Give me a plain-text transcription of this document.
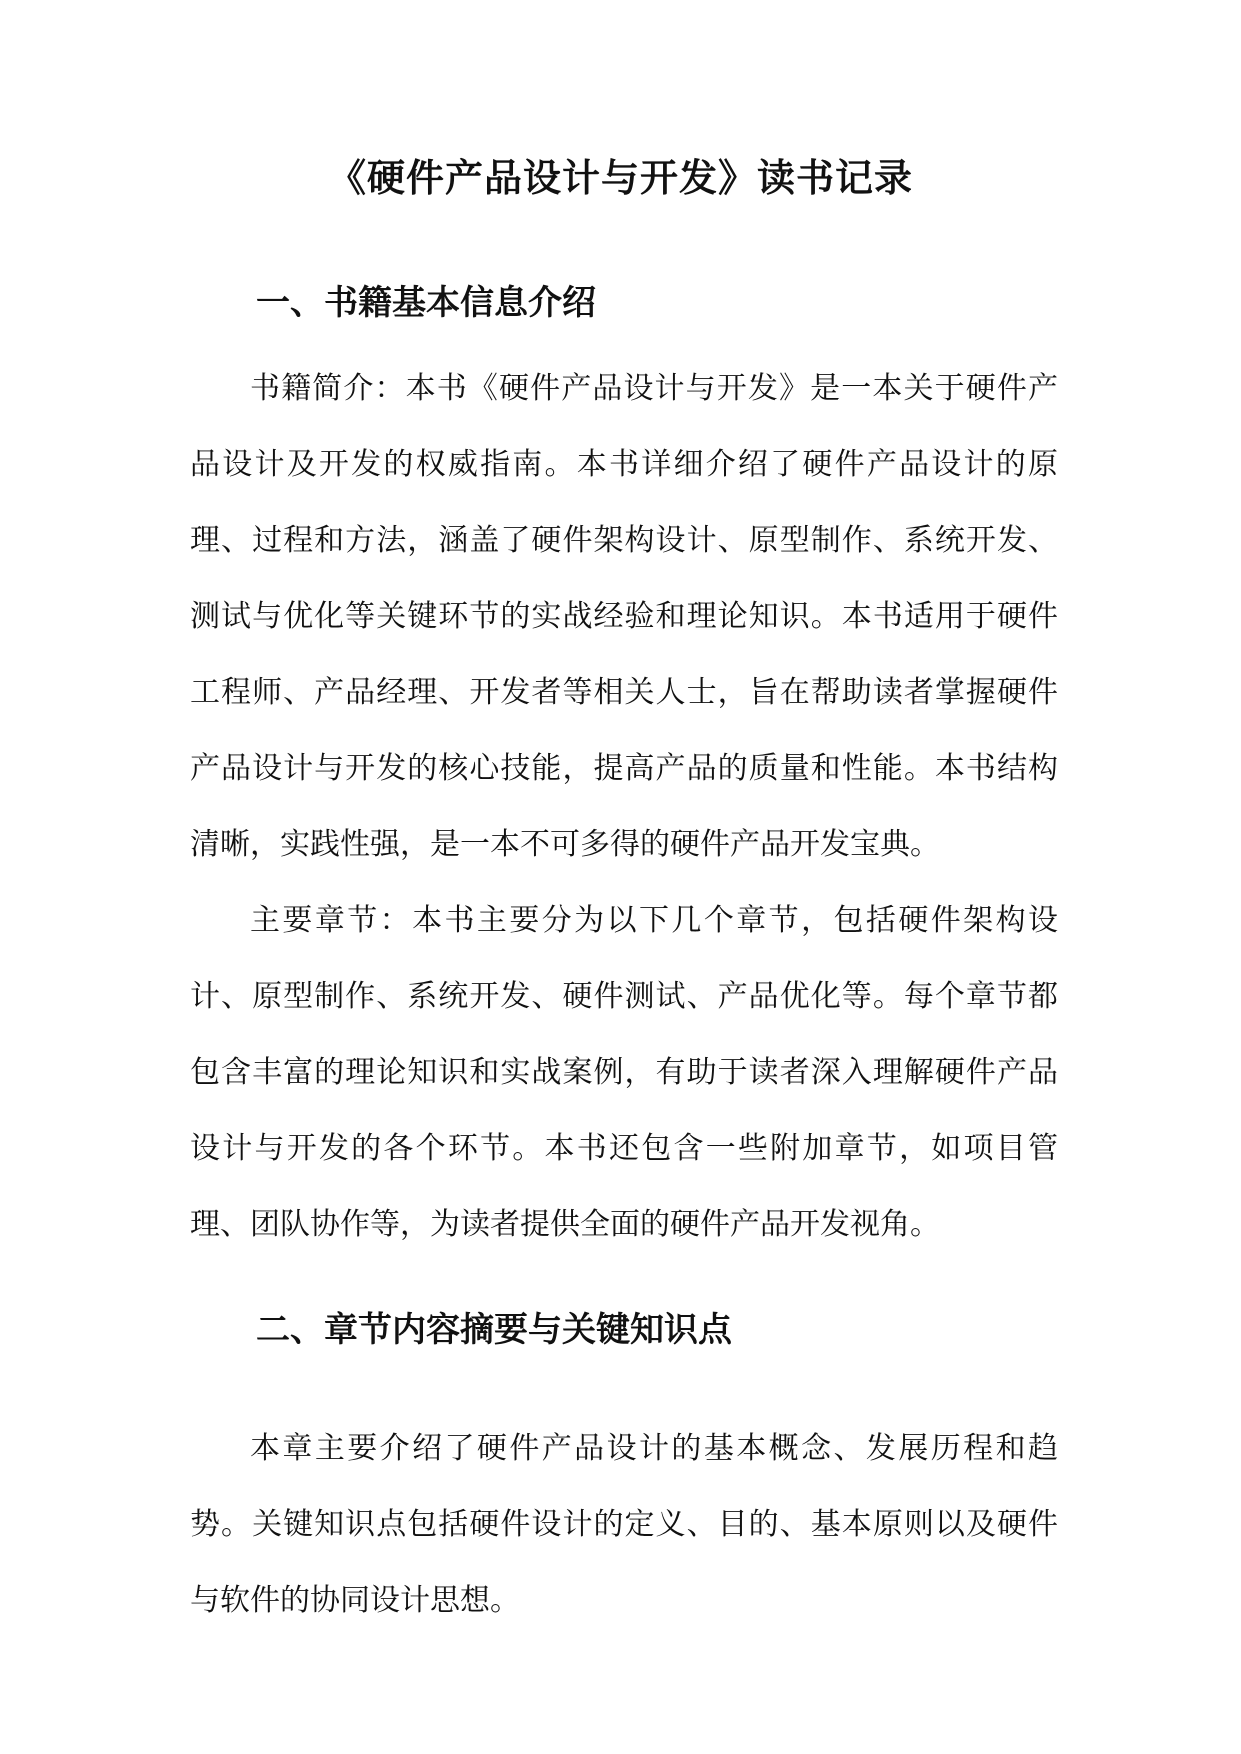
《硬件产品设计与开发》读书记录
一、书籍基本信息介绍

书籍简介：本书《硬件产品设计与开发》是一本关于硬件产品设计及开发的权威指南。本书详细介绍了硬件产品设计的原理、过程和方法，涵盖了硬件架构设计、原型制作、系统开发、测试与优化等关键环节的实战经验和理论知识。本书适用于硬件工程师、产品经理、开发者等相关人士，旨在帮助读者掌握硬件产品设计与开发的核心技能，提高产品的质量和性能。本书结构清晰，实践性强，是一本不可多得的硬件产品开发宝典。

主要章节：本书主要分为以下几个章节，包括硬件架构设计、原型制作、系统开发、硬件测试、产品优化等。每个章节都包含丰富的理论知识和实战案例，有助于读者深入理解硬件产品设计与开发的各个环节。本书还包含一些附加章节，如项目管理、团队协作等，为读者提供全面的硬件产品开发视角。

二、章节内容摘要与关键知识点

本章主要介绍了硬件产品设计的基本概念、发展历程和趋势。关键知识点包括硬件设计的定义、目的、基本原则以及硬件与软件的协同设计思想。
